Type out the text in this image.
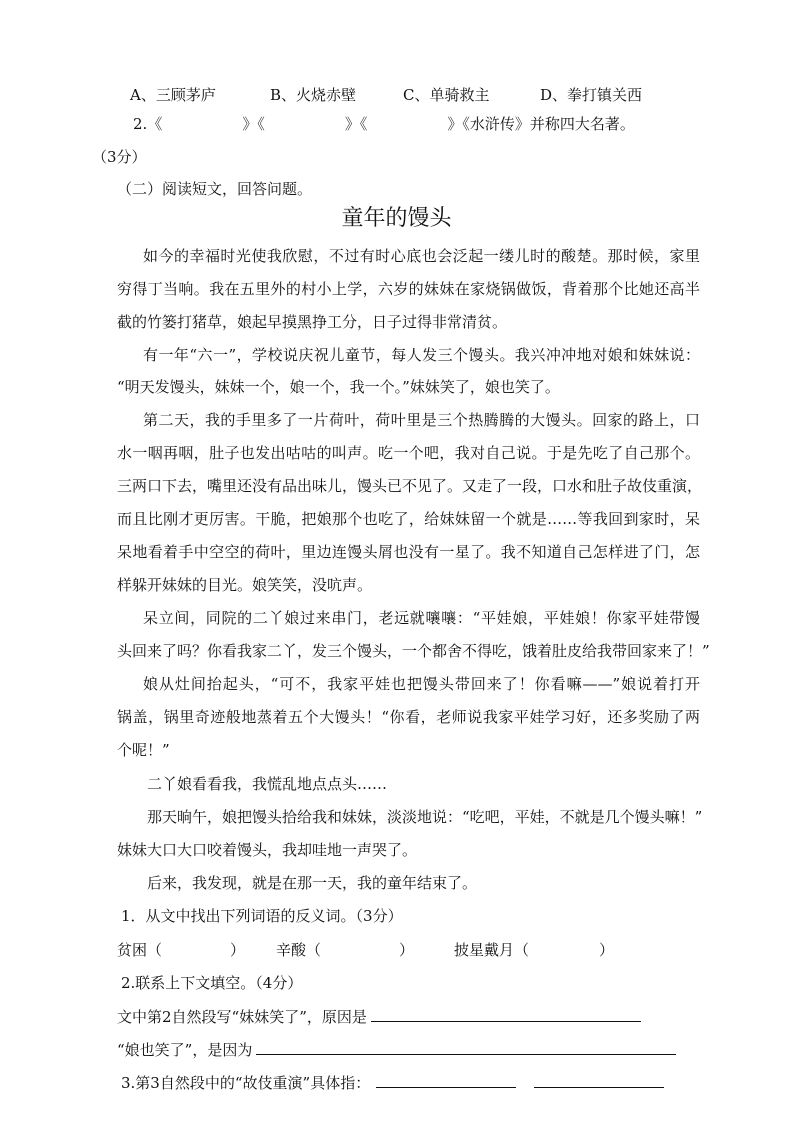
A、三顾茅庐	B、火烧赤壁	C、单骑救主	D、拳打镇关西
2.《	》《	》《	》《水浒传》并称四大名著。
（3分）
（二）阅读短文，回答问题。
童年的馒头
如今的幸福时光使我欣慰，不过有时心底也会泛起一缕儿时的酸楚。那时候，家里
穷得丁当响。我在五里外的村小上学，六岁的妹妹在家烧锅做饭，背着那个比她还高半
截的竹篓打猪草，娘起早摸黑挣工分，日子过得非常清贫。
有一年“六一”，学校说庆祝儿童节，每人发三个馒头。我兴冲冲地对娘和妹妹说：
“明天发馒头，妹妹一个，娘一个，我一个。”妹妹笑了，娘也笑了。
第二天，我的手里多了一片荷叶，荷叶里是三个热腾腾的大馒头。回家的路上，口
水一咽再咽，肚子也发出咕咕的叫声。吃一个吧，我对自己说。于是先吃了自己那个。
三两口下去，嘴里还没有品出味儿，馒头已不见了。又走了一段，口水和肚子故伎重演，
而且比刚才更厉害。干脆，把娘那个也吃了，给妹妹留一个就是……等我回到家时，呆
呆地看着手中空空的荷叶，里边连馒头屑也没有一星了。我不知道自己怎样进了门，怎
样躲开妹妹的目光。娘笑笑，没吭声。
呆立间，同院的二丫娘过来串门，老远就嚷嚷：“平娃娘，平娃娘！你家平娃带馒
头回来了吗？你看我家二丫，发三个馒头，一个都舍不得吃，饿着肚皮给我带回家来了！”
娘从灶间抬起头，“可不，我家平娃也把馒头带回来了！你看嘛——”娘说着打开
锅盖，锅里奇迹般地蒸着五个大馒头！“你看，老师说我家平娃学习好，还多奖励了两
个呢！”
二丫娘看看我，我慌乱地点点头……
那天晌午，娘把馒头拾给我和妹妹，淡淡地说：“吃吧，平娃，不就是几个馒头嘛！”
妹妹大口大口咬着馒头，我却哇地一声哭了。
后来，我发现，就是在那一天，我的童年结束了。
1．从文中找出下列词语的反义词。（3分）
贫困（	） 辛酸（	）	披星戴月（	）
2.联系上下文填空。（4分）
文中第2自然段写“妹妹笑了”，原因是
“娘也笑了”，是因为
3.第3自然段中的“故伎重演”具体指：
